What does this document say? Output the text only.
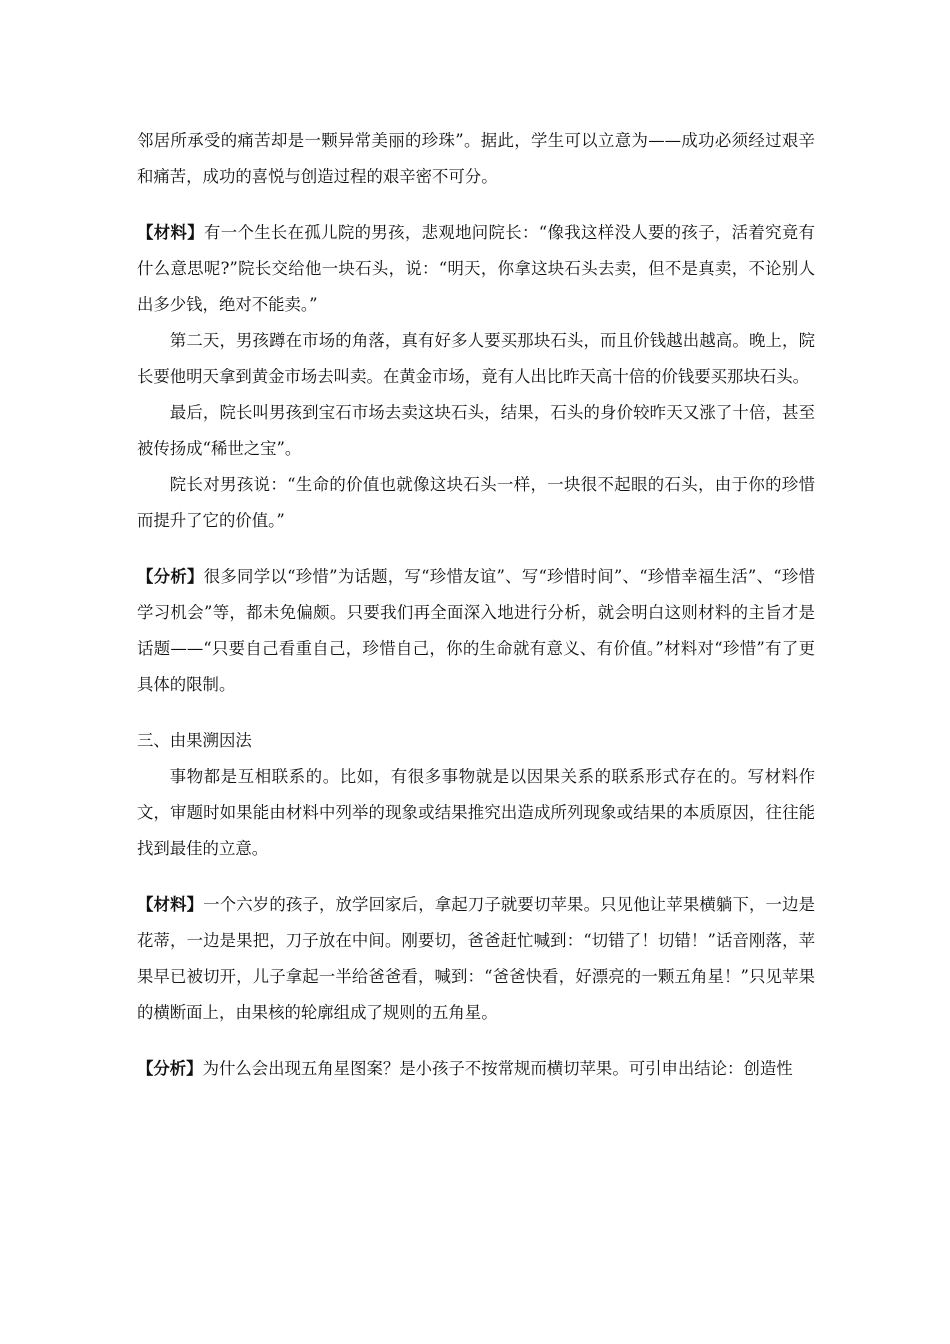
邻居所承受的痛苦却是一颗异常美丽的珍珠”。据此，学生可以立意为——成功必须经过艰辛和痛苦，成功的喜悦与创造过程的艰辛密不可分。

【材料】有一个生长在孤儿院的男孩，悲观地问院长：“像我这样没人要的孩子，活着究竟有什么意思呢?”院长交给他一块石头，说：“明天，你拿这块石头去卖，但不是真卖，不论别人出多少钱，绝对不能卖。”

第二天，男孩蹲在市场的角落，真有好多人要买那块石头，而且价钱越出越高。晚上，院长要他明天拿到黄金市场去叫卖。在黄金市场，竟有人出比昨天高十倍的价钱要买那块石头。

最后，院长叫男孩到宝石市场去卖这块石头，结果，石头的身价较昨天又涨了十倍，甚至被传扬成“稀世之宝”。

院长对男孩说：“生命的价值也就像这块石头一样，一块很不起眼的石头，由于你的珍惜而提升了它的价值。”

【分析】很多同学以“珍惜”为话题，写“珍惜友谊”、写“珍惜时间”、“珍惜幸福生活”、“珍惜学习机会”等，都未免偏颇。只要我们再全面深入地进行分析，就会明白这则材料的主旨才是话题——“只要自己看重自己，珍惜自己，你的生命就有意义、有价值。”材料对“珍惜”有了更具体的限制。

三、由果溯因法

事物都是互相联系的。比如，有很多事物就是以因果关系的联系形式存在的。写材料作文，审题时如果能由材料中列举的现象或结果推究出造成所列现象或结果的本质原因，往往能找到最佳的立意。

【材料】一个六岁的孩子，放学回家后，拿起刀子就要切苹果。只见他让苹果横躺下，一边是花蒂，一边是果把，刀子放在中间。刚要切，爸爸赶忙喊到：“切错了！切错！”话音刚落，苹果早已被切开，儿子拿起一半给爸爸看，喊到：“爸爸快看，好漂亮的一颗五角星！”只见苹果的横断面上，由果核的轮廓组成了规则的五角星。

【分析】为什么会出现五角星图案？是小孩子不按常规而横切苹果。可引申出结论：创造性
